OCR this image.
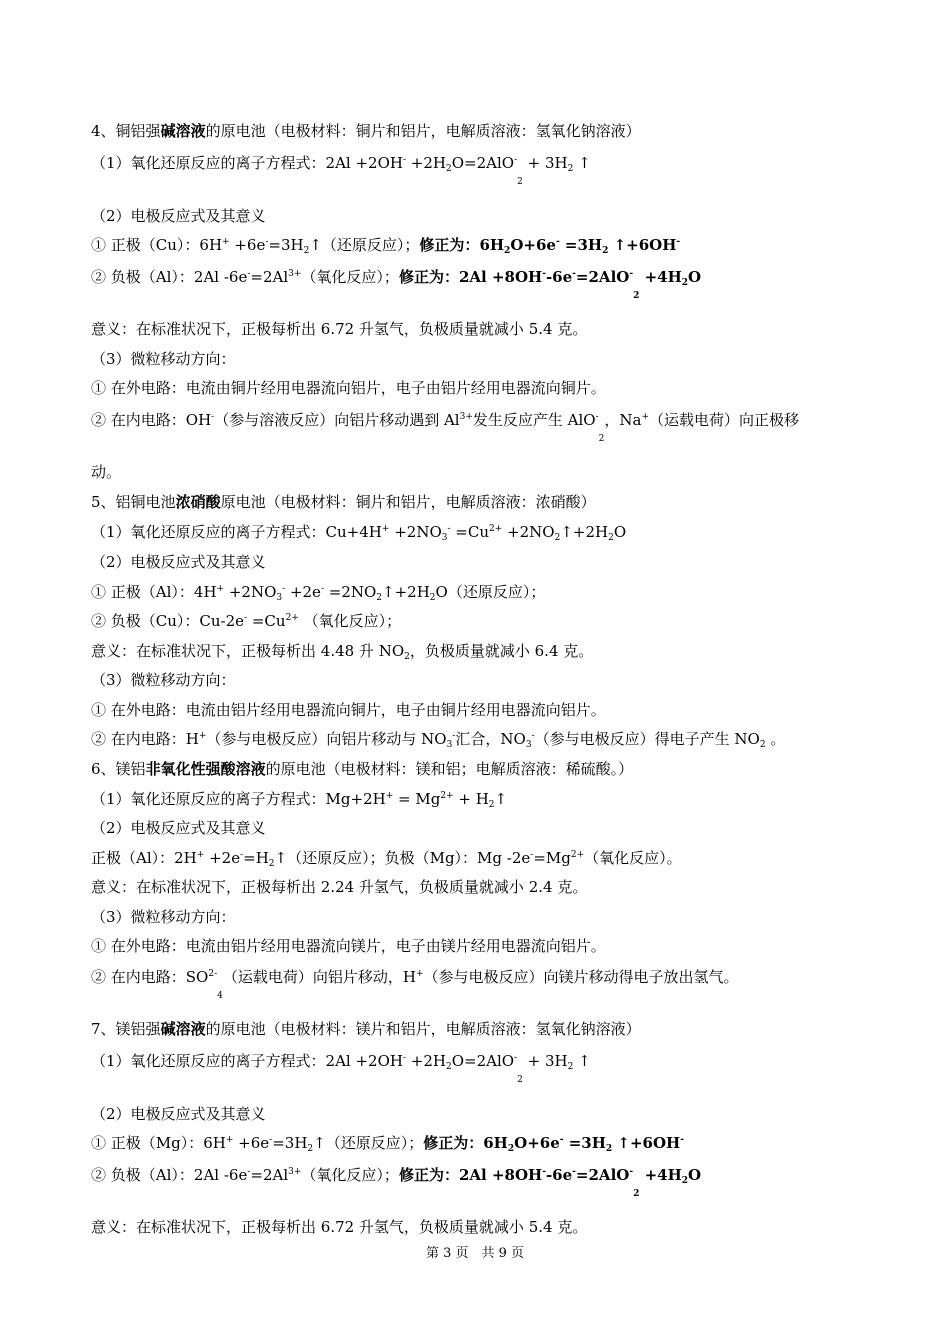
4、铜铝强碱溶液的原电池（电极材料：铜片和铝片，电解质溶液：氢氧化钠溶液）
（1）氧化还原反应的离子方程式：$2Al +2OH^- +2H_2O=2AlO^-_2 + 3H_2$ ↑
（2）电极反应式及其意义
① 正极（Cu）：$6H^+ +6e^-=3H_2↑$（还原反应）；修正为：$6H_2O+6e^- =3H_2$ ↑+6OH-
② 负极（Al）：2Al $-6e^-=2Al^{3+}$（氧化反应）；修正为：$2Al +8OH^--6e^-=2AlO^-_2 +4H_2O$
意义：在标准状况下，正极每析出 6.72 升氢气，负极质量就减小 5.4 克。
（3）微粒移动方向：
① 在外电路：电流由铜片经用电器流向铝片，电子由铝片经用电器流向铜片。
② 在内电路：OH-（参与溶液反应）向铝片移动遇到 $Al^{3+}$发生反应产生 AlO-$_2$，Na+（运载电荷）向正极移
动。
5、铝铜电池浓硝酸原电池（电极材料：铜片和铝片，电解质溶液：浓硝酸）
（1）氧化还原反应的离子方程式：$Cu+4H^+ +2NO_3^- =Cu^{2+}$ $+2NO_2↑+2H_2O$
（2）电极反应式及其意义
① 正极（Al）：$4H^+ +2NO_3^- +2e^-$ $=2NO_2↑+2H_2O$（还原反应）；
② 负极（Cu）：$Cu-2e^- =Cu^{2+}$ （氧化反应）；
意义：在标准状况下，正极每析出 4.48 升 $NO_2$，负极质量就减小 6.4 克。
（3）微粒移动方向：
① 在外电路：电流由铝片经用电器流向铜片，电子由铜片经用电器流向铝片。
② 在内电路：H+（参与电极反应）向铝片移动与 $NO_3^-$汇合，$NO_3^-$（参与电极反应）得电子产生 $NO_2$ 。
6、镁铝非氧化性强酸溶液的原电池（电极材料：镁和铝；电解质溶液：稀硫酸。）
（1）氧化还原反应的离子方程式：$Mg+2H^+ = Mg^{2+}$ + $H_2↑$
（2）电极反应式及其意义
正极（Al）：$2H^+ +2e^-=H_2↑$（还原反应）；负极（Mg）：Mg $-2e^-=Mg^{2+}$（氧化反应）。
意义：在标准状况下，正极每析出 2.24 升氢气，负极质量就减小 2.4 克。
（3）微粒移动方向：
① 在外电路：电流由铝片经用电器流向镁片，电子由镁片经用电器流向铝片。
② 在内电路：$SO^{2-}_4$（运载电荷）向铝片移动，H+（参与电极反应）向镁片移动得电子放出氢气。
7、镁铝强碱溶液的原电池（电极材料：镁片和铝片，电解质溶液：氢氧化钠溶液）
（1）氧化还原反应的离子方程式：$2Al +2OH^- +2H_2O=2AlO^-_2 + 3H_2$ ↑
（2）电极反应式及其意义
① 正极（Mg）：$6H^+ +6e^-=3H_2↑$（还原反应）；修正为：$6H_2O+6e^- =3H_2$ ↑+6OH-
② 负极（Al）：2Al $-6e^-=2Al^{3+}$（氧化反应）；修正为：$2Al +8OH^--6e^-=2AlO^-_2 +4H_2O$
意义：在标准状况下，正极每析出 6.72 升氢气，负极质量就减小 5.4 克。
第 3 页　共 9 页
